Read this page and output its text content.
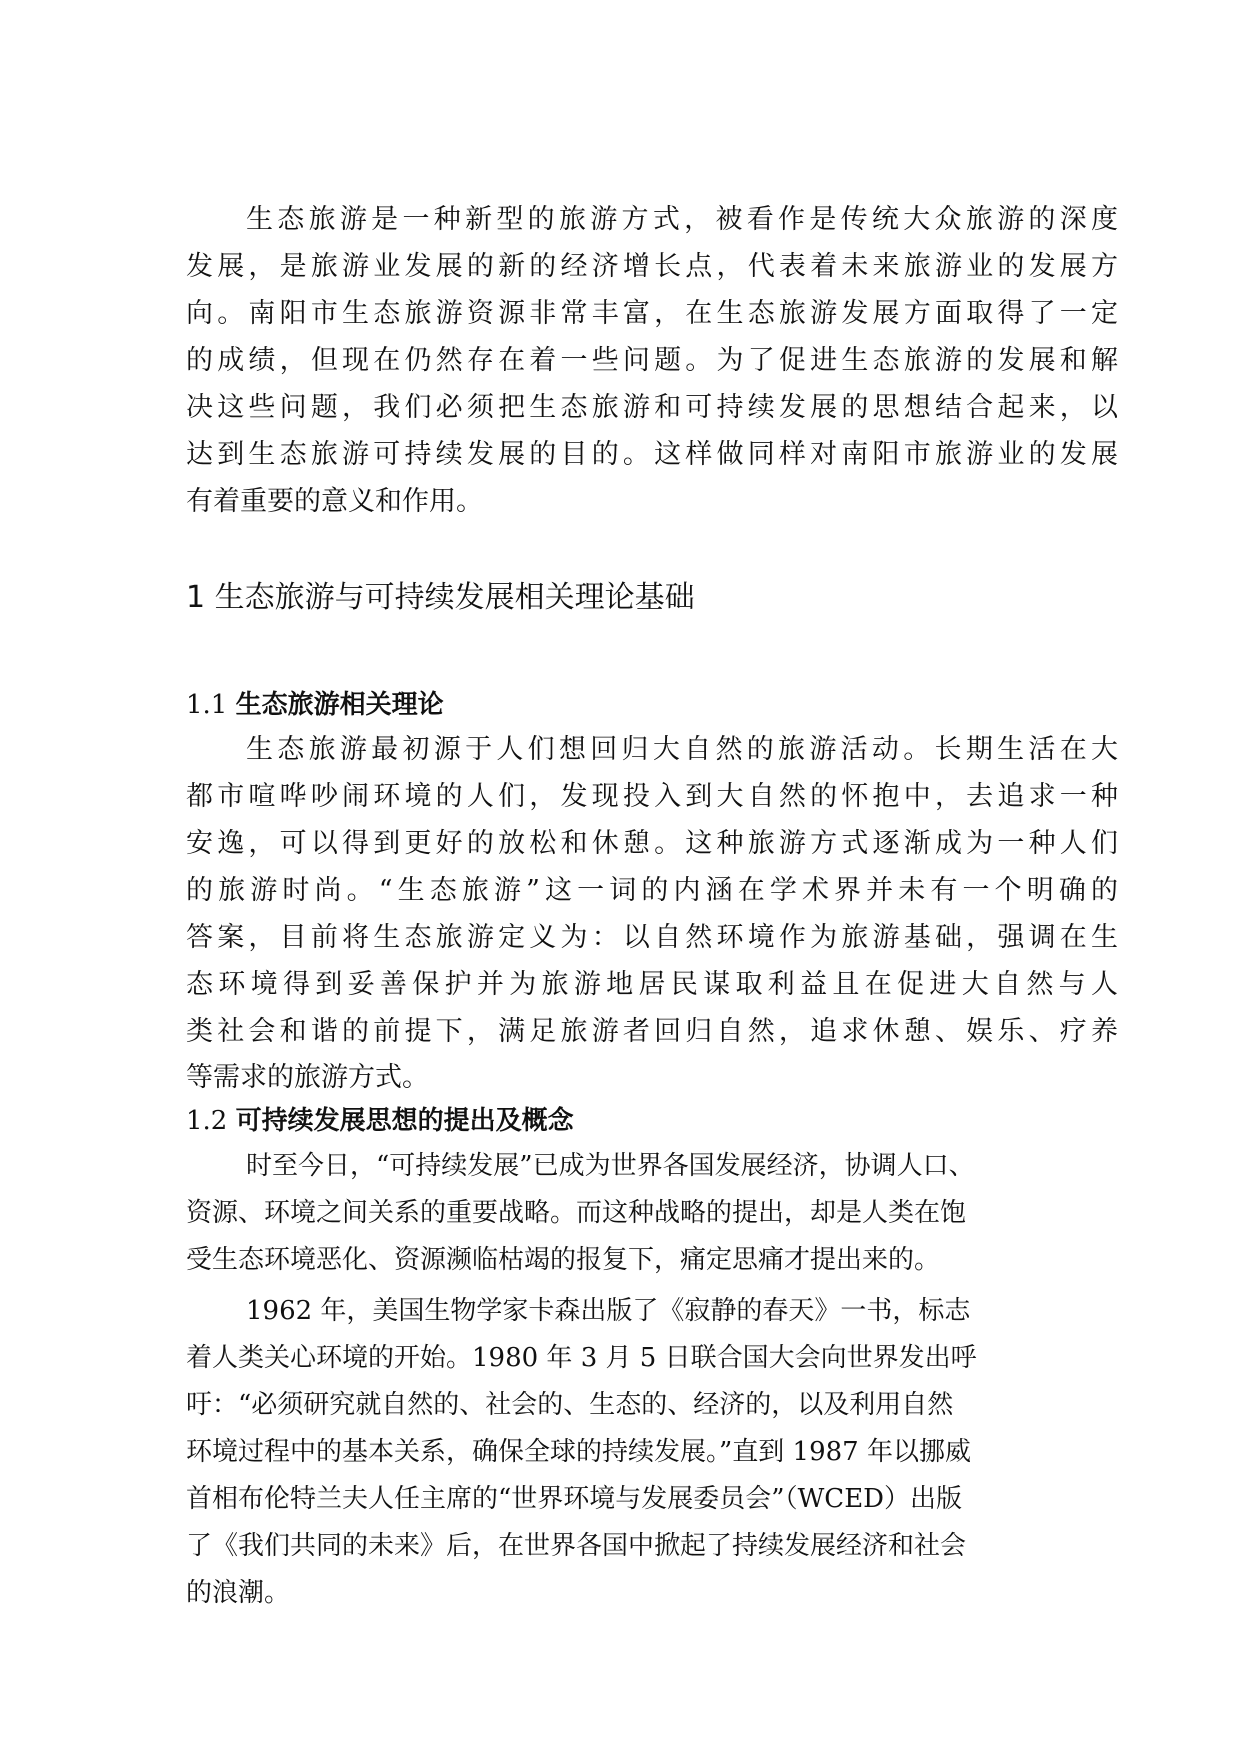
生态旅游是一种新型的旅游方式，被看作是传统大众旅游的深度
发展，是旅游业发展的新的经济增长点，代表着未来旅游业的发展方
向。南阳市生态旅游资源非常丰富，在生态旅游发展方面取得了一定
的成绩，但现在仍然存在着一些问题。为了促进生态旅游的发展和解
决这些问题，我们必须把生态旅游和可持续发展的思想结合起来，以
达到生态旅游可持续发展的目的。这样做同样对南阳市旅游业的发展
有着重要的意义和作用。
1 生态旅游与可持续发展相关理论基础
1.1 生态旅游相关理论
生态旅游最初源于人们想回归大自然的旅游活动。长期生活在大
都市喧哗吵闹环境的人们，发现投入到大自然的怀抱中，去追求一种
安逸，可以得到更好的放松和休憩。这种旅游方式逐渐成为一种人们
的旅游时尚。“生态旅游”这一词的内涵在学术界并未有一个明确的
答案，目前将生态旅游定义为：以自然环境作为旅游基础，强调在生
态环境得到妥善保护并为旅游地居民谋取利益且在促进大自然与人
类社会和谐的前提下，满足旅游者回归自然，追求休憩、娱乐、疗养
等需求的旅游方式。
1.2 可持续发展思想的提出及概念
时至今日，“可持续发展”已成为世界各国发展经济，协调人口、
资源、环境之间关系的重要战略。而这种战略的提出，却是人类在饱
受生态环境恶化、资源濒临枯竭的报复下，痛定思痛才提出来的。
1962 年，美国生物学家卡森出版了《寂静的春天》一书，标志
着人类关心环境的开始。1980 年 3 月 5 日联合国大会向世界发出呼
吁：“必须研究就自然的、社会的、生态的、经济的，以及利用自然
环境过程中的基本关系，确保全球的持续发展。”直到 1987 年以挪威
首相布伦特兰夫人任主席的“世界环境与发展委员会”（WCED）出版
了《我们共同的未来》后，在世界各国中掀起了持续发展经济和社会
的浪潮。
